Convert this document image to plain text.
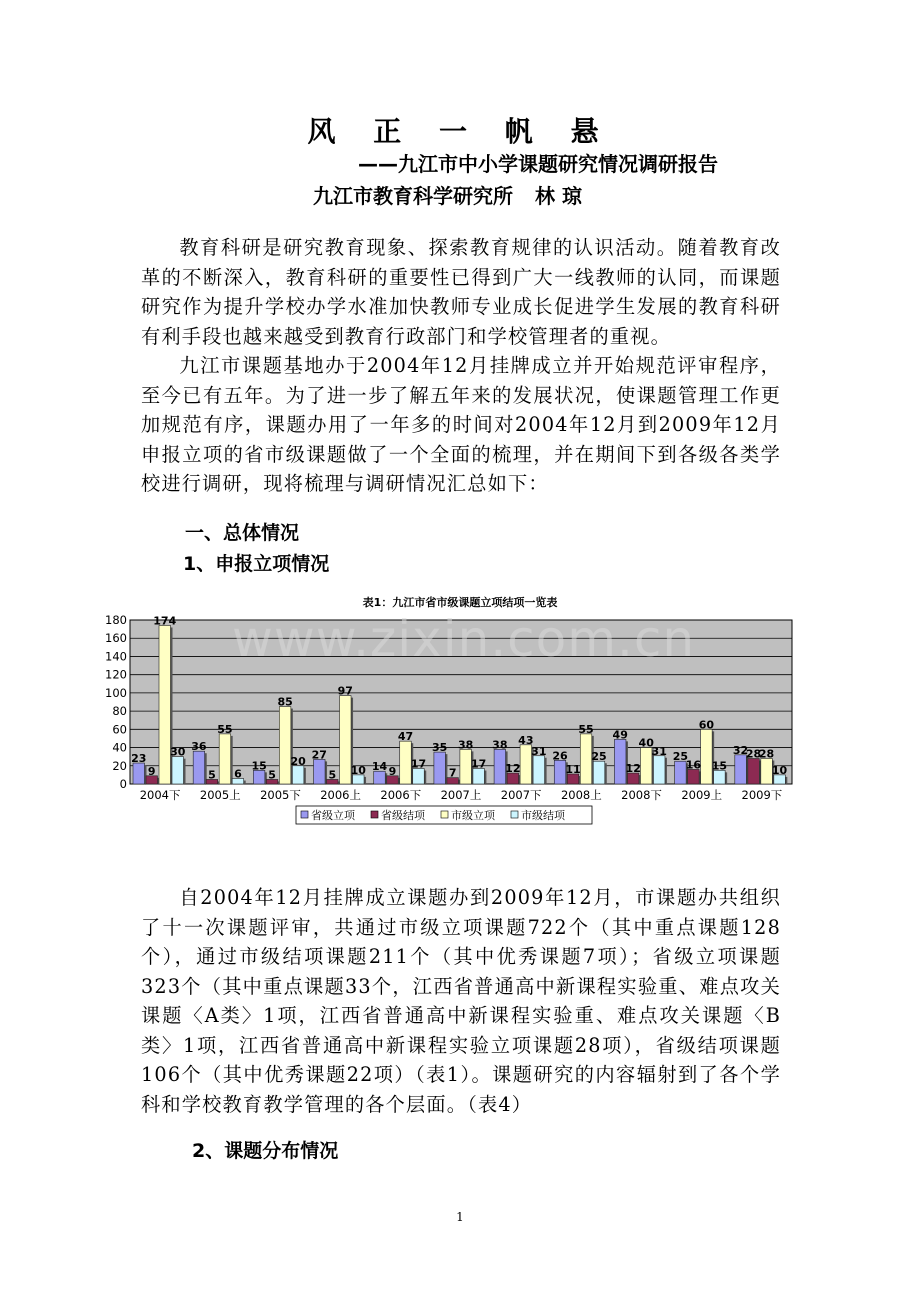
风 正 一 帆 悬
——九江市中小学课题研究情况调研报告
九江市教育科学研究所 林 琼

教育科研是研究教育现象、探索教育规律的认识活动。随着教育改革的不断深入，教育科研的重要性已得到广大一线教师的认同，而课题研究作为提升学校办学水准加快教师专业成长促进学生发展的教育科研有利手段也越来越受到教育行政部门和学校管理者的重视。

九江市课题基地办于2004年12月挂牌成立并开始规范评审程序，至今已有五年。为了进一步了解五年来的发展状况，使课题管理工作更加规范有序，课题办用了一年多的时间对2004年12月到2009年12月申报立项的省市级课题做了一个全面的梳理，并在期间下到各级各类学校进行调研，现将梳理与调研情况汇总如下：

一、总体情况
1、申报立项情况
表1：九江市省市级课题立项结项一览表
0
20
40
60
80
100
120
140
160
180
23
36
15
27
14
35	38
26
49
25	32
9	5	5	5	9	7	12	11	12	16
28
174
55
85
97
47
38	43
55
40
60
28
30
6
20
10	17	17
31	25	31
15	10
2004下 2005上 2005下 2006上 2006下 2007上 2007下 2008上 2008下 2009上 2009下
省级立项 省级结项 市级立项 市级结项
www.zixin.com.cn

自2004年12月挂牌成立课题办到2009年12月，市课题办共组织了十一次课题评审，共通过市级立项课题722个（其中重点课题128个），通过市级结项课题211个（其中优秀课题7项）；省级立项课题323个（其中重点课题33个，江西省普通高中新课程实验重、难点攻关课题〈A类〉1项，江西省普通高中新课程实验重、难点攻关课题〈B类〉1项，江西省普通高中新课程实验立项课题28项），省级结项课题106个（其中优秀课题22项）（表1）。课题研究的内容辐射到了各个学科和学校教育教学管理的各个层面。（表4）

2、课题分布情况
1
